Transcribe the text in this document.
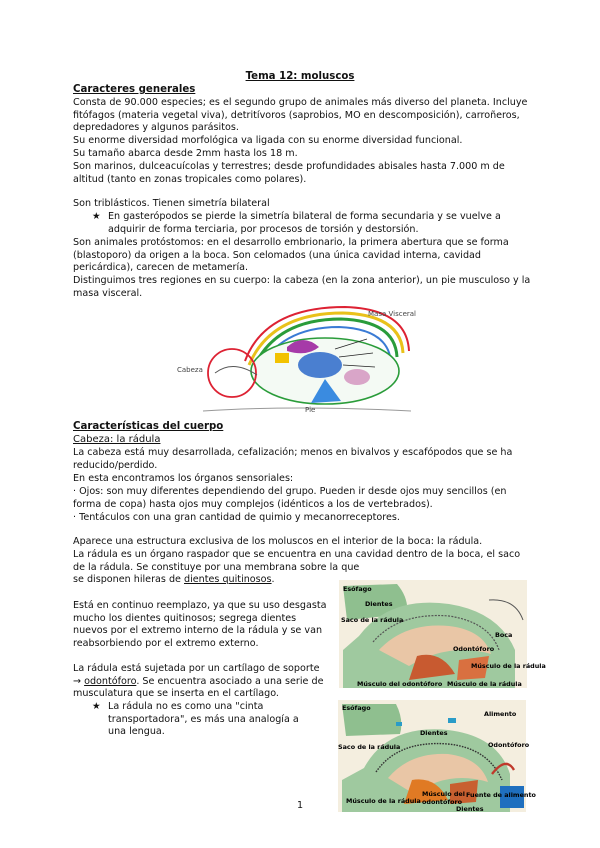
Tema 12: moluscos
Caracteres generales

Consta de 90.000 especies; es el segundo grupo de animales más diverso del planeta. Incluye fitófagos (materia vegetal viva), detritívoros (saprobios, MO en descomposición), carroñeros, depredadores y algunos parásitos.

Su enorme diversidad morfológica va ligada con su enorme diversidad funcional.

Su tamaño abarca desde 2mm hasta los 18 m.

Son marinos, dulceacuícolas y terrestres; desde profundidades abisales hasta 7.000 m de altitud (tanto en zonas tropicales como polares).

Son triblásticos. Tienen simetría bilateral

★ En gasterópodos se pierde la simetría bilateral de forma secundaria y se vuelve a adquirir de forma terciaria, por procesos de torsión y destorsión.

Son animales protóstomos: en el desarrollo embrionario, la primera abertura que se forma (blastoporo) da origen a la boca. Son celomados (una única cavidad interna, cavidad pericárdica), carecen de metamería.

Distinguimos tres regiones en su cuerpo: la cabeza (en la zona anterior), un pie musculoso y la masa visceral.

Cabeza
Masa Visceral
Pie
Características del cuerpo
Cabeza: la rádula

La cabeza está muy desarrollada, cefalización; menos en bivalvos y escafópodos que se ha reducido/perdido.

En esta encontramos los órganos sensoriales:

· Ojos: son muy diferentes dependiendo del grupo. Pueden ir desde ojos muy sencillos (en forma de copa) hasta ojos muy complejos (idénticos a los de vertebrados).

· Tentáculos con una gran cantidad de quimio y mecanorreceptores.

Aparece una estructura exclusiva de los moluscos en el interior de la boca: la rádula.

La rádula es un órgano raspador que se encuentra en una cavidad dentro de la boca, el saco de la rádula. Se constituye por una membrana sobre la que

se disponen hileras de dientes quitinosos.

Está en continuo reemplazo, ya que su uso desgasta mucho los dientes quitinosos; segrega dientes nuevos por el extremo interno de la rádula y se van reabsorbiendo por el extremo externo.

La rádula está sujetada por un cartílago de soporte → odontóforo. Se encuentra asociado a una serie de musculatura que se inserta en el cartílago.

★ La rádula no es como una "cinta transportadora", es más una analogía a una lengua.
Esófago
Dientes
Saco de la rádula
Boca
Odontóforo
Músculo de la rádula
Músculo del odontóforo Músculo de la rádula
Esófago
Alimento
Dientes
Saco de la rádula	Odontóforo
Músculo de la rádula
Músculo del
odontóforo
Fuente de alimento
Dientes
1
